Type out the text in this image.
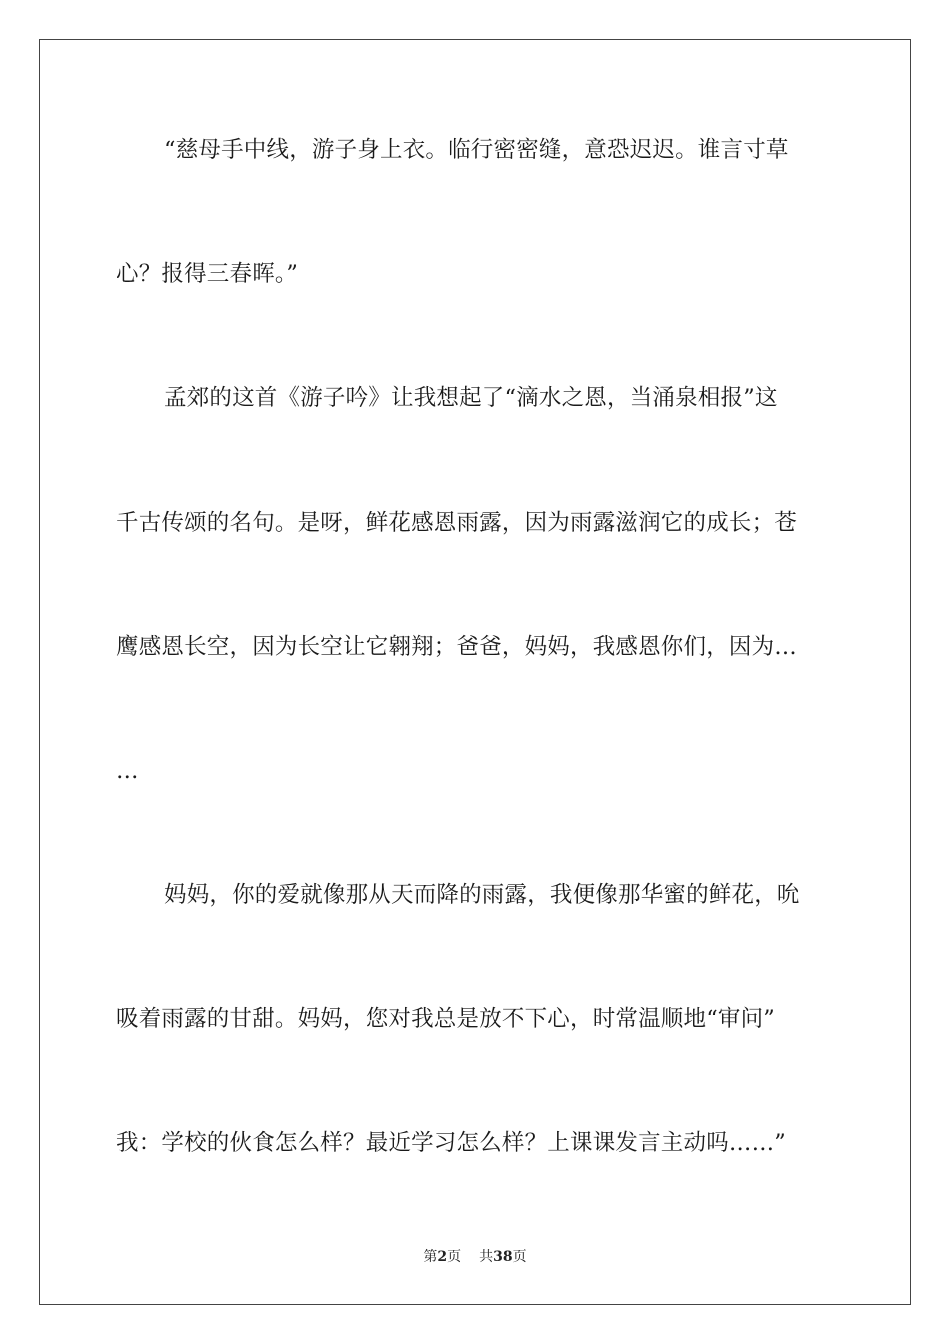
“慈母手中线，游子身上衣。临行密密缝，意恐迟迟。谁言寸草
心？报得三春晖。”
孟郊的这首《游子吟》让我想起了“滴水之恩，当涌泉相报”这
千古传颂的名句。是呀，鲜花感恩雨露，因为雨露滋润它的成长；苍
鹰感恩长空，因为长空让它翱翔；爸爸，妈妈，我感恩你们，因为…
…
妈妈，你的爱就像那从天而降的雨露，我便像那华蜜的鲜花，吮
吸着雨露的甘甜。妈妈，您对我总是放不下心，时常温顺地“审问”
我：学校的伙食怎么样？最近学习怎么样？上课课发言主动吗……”
第2页 共38页
